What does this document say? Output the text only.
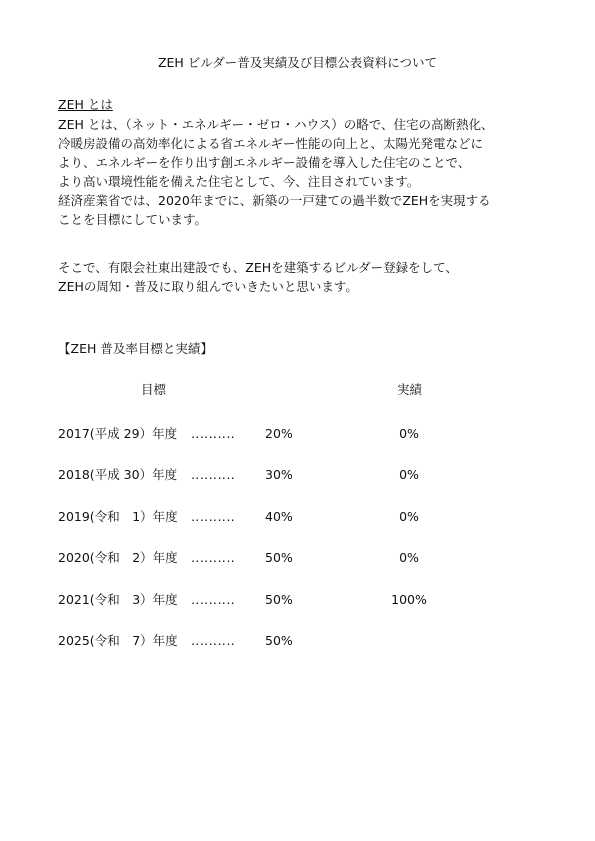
ZEH ビルダー普及実績及び目標公表資料について
ZEH とは
ZEH とは、（ネット・エネルギー・ゼロ・ハウス）の略で、住宅の高断熱化、
冷暖房設備の高効率化による省エネルギー性能の向上と、太陽光発電などに
より、エネルギーを作り出す創エネルギー設備を導入した住宅のことで、
より高い環境性能を備えた住宅として、今、注目されています。
経済産業省では、2020年までに、新築の一戸建ての過半数でZEHを実現する
ことを目標にしています。
そこで、有限会社東出建設でも、ZEHを建築するビルダー登録をして、
ZEHの周知・普及に取り組んでいきたいと思います。
【ZEH 普及率目標と実績】
目標	実績
2017(平成 29）年度 ‥‥‥‥‥ 20%	0%
2018(平成 30）年度 ‥‥‥‥‥ 30%	0%
2019(令和　1）年度 ‥‥‥‥‥ 40%	0%
2020(令和　2）年度 ‥‥‥‥‥ 50%	0%
2021(令和　3）年度 ‥‥‥‥‥ 50%	100%
2025(令和　7）年度 ‥‥‥‥‥ 50%
